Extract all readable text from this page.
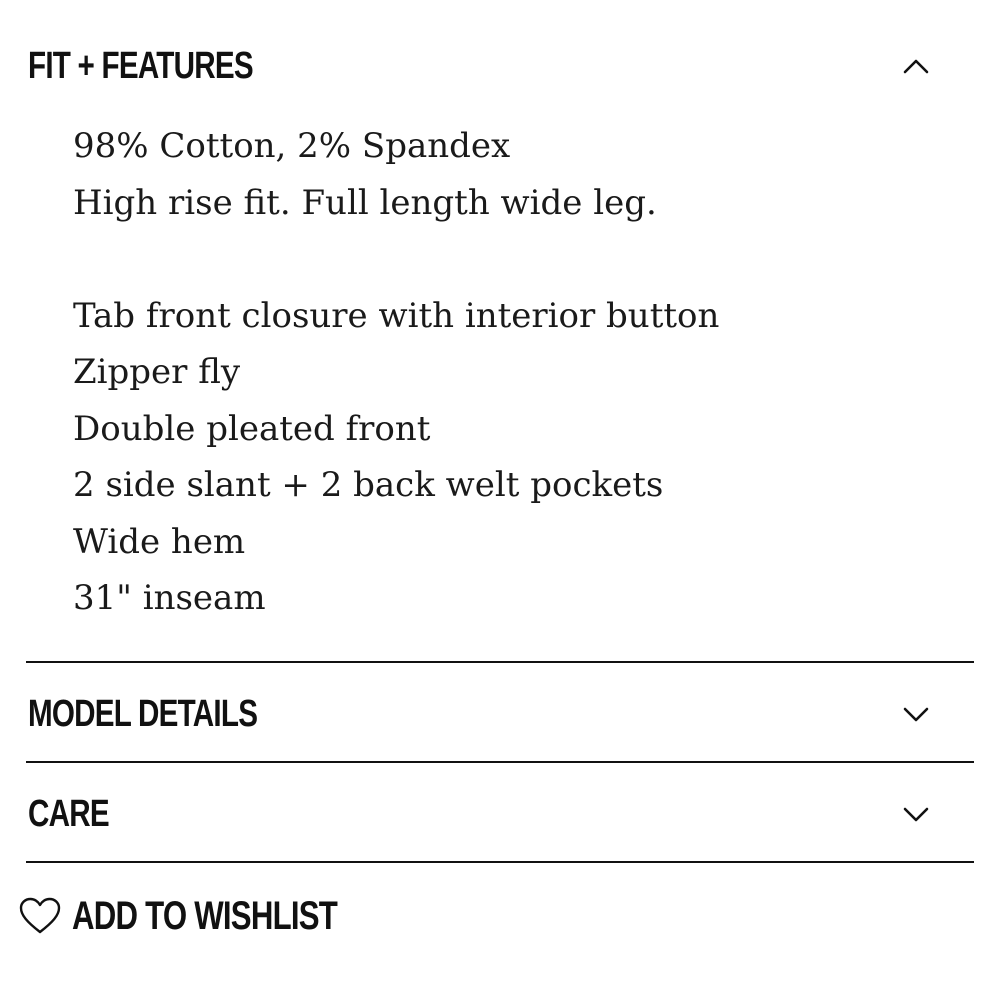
FIT + FEATURES
98% Cotton, 2% Spandex
High rise fit. Full length wide leg.
Tab front closure with interior button
Zipper fly
Double pleated front
2 side slant + 2 back welt pockets
Wide hem
31" inseam
MODEL DETAILS
CARE
ADD TO WISHLIST
